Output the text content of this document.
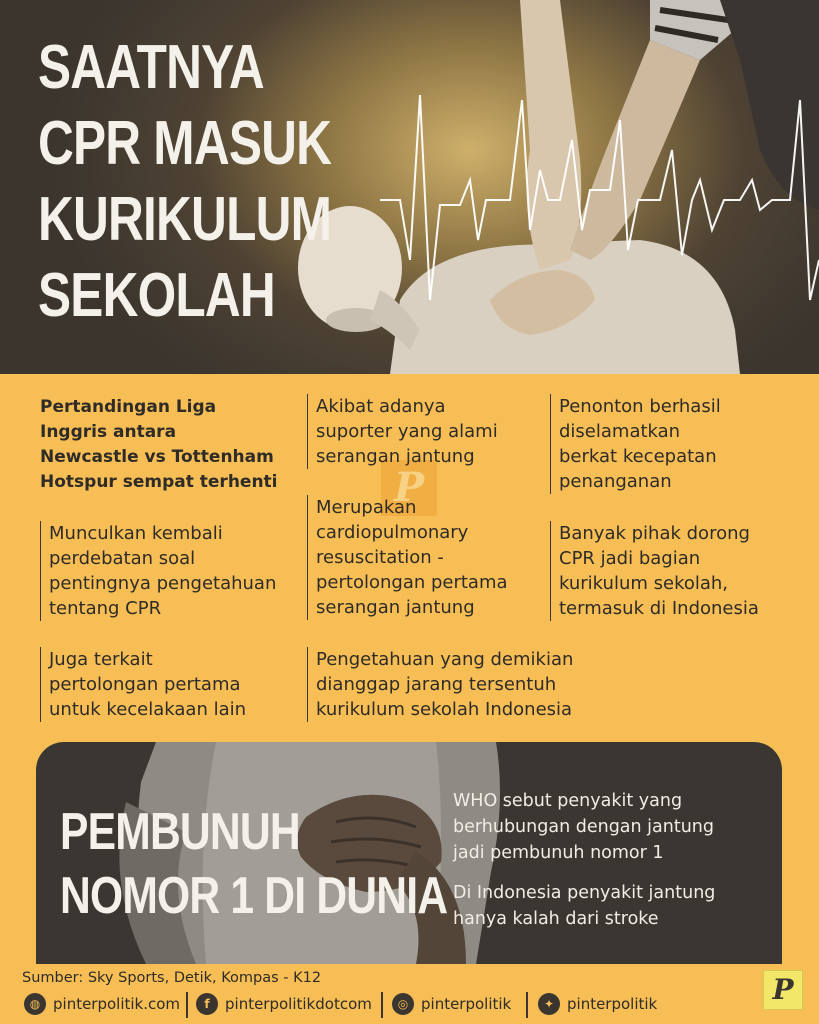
SAATNYA
CPR MASUK
KURIKULUM
SEKOLAH
P
Pertandingan Liga
Inggris antara
Newcastle vs Tottenham
Hotspur sempat terhenti
Munculkan kembali
perdebatan soal
pentingnya pengetahuan
tentang CPR
Juga terkait
pertolongan pertama
untuk kecelakaan lain
Akibat adanya
suporter yang alami
serangan jantung
Merupakan
cardiopulmonary
resuscitation -
pertolongan pertama
serangan jantung
Pengetahuan yang demikian
dianggap jarang tersentuh
kurikulum sekolah Indonesia
Penonton berhasil
diselamatkan
berkat kecepatan
penanganan
Banyak pihak dorong
CPR jadi bagian
kurikulum sekolah,
termasuk di Indonesia
PEMBUNUH
NOMOR 1 DI DUNIA
WHO sebut penyakit yang
berhubungan dengan jantung
jadi pembunuh nomor 1
Di Indonesia penyakit jantung
hanya kalah dari stroke
Sumber: Sky Sports, Detik, Kompas - K12
◍ pinterpolitik.com	f	pinterpolitikdotcom	◎ pinterpolitik	✦ pinterpolitik	P
